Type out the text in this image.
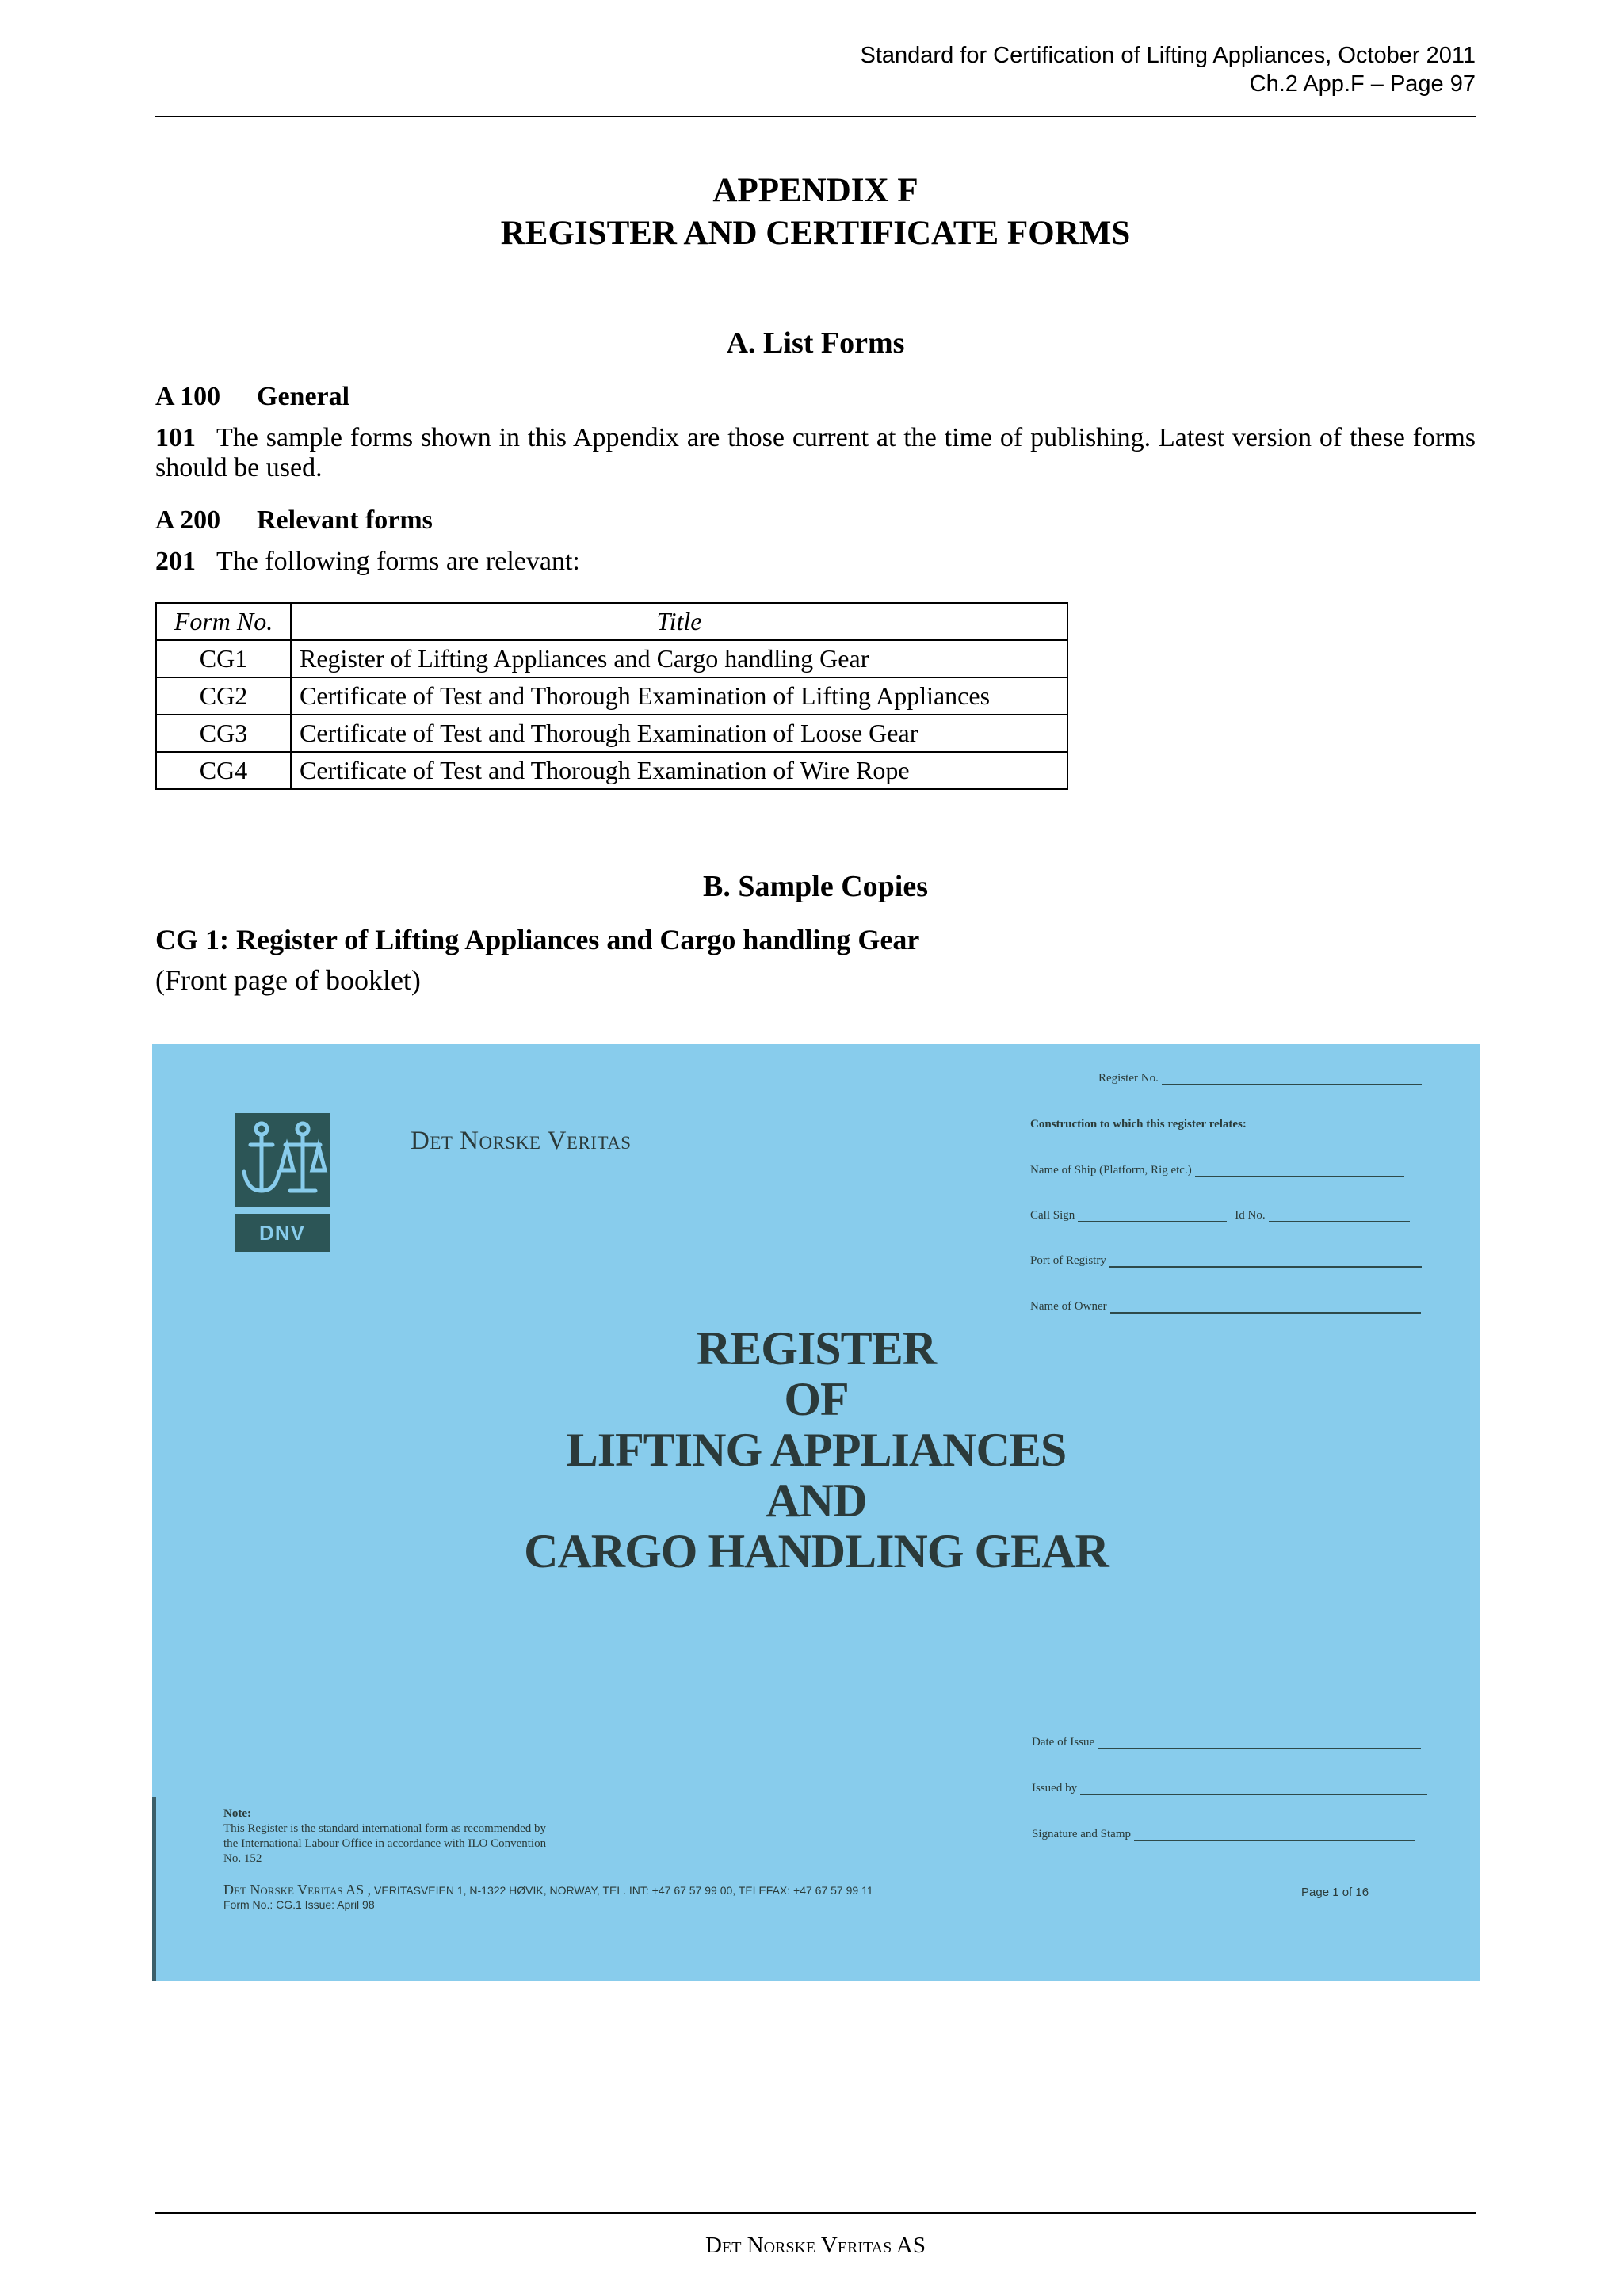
Standard for Certification of Lifting Appliances, October 2011
Ch.2 App.F – Page 97
APPENDIX F
REGISTER AND CERTIFICATE FORMS
A. List Forms
A 100 General
101 The sample forms shown in this Appendix are those current at the time of publishing. Latest version of these forms should be used.
A 200 Relevant forms
201 The following forms are relevant:
Form No.	Title
CG1	Register of Lifting Appliances and Cargo handling Gear
CG2	Certificate of Test and Thorough Examination of Lifting Appliances
CG3	Certificate of Test and Thorough Examination of Loose Gear
CG4	Certificate of Test and Thorough Examination of Wire Rope
B. Sample Copies
CG 1: Register of Lifting Appliances and Cargo handling Gear
(Front page of booklet)
DNV
Det Norske Veritas
Register No.
Construction to which this register relates:
Name of Ship (Platform, Rig etc.)
Call Sign	Id No.
Port of Registry
Name of Owner
REGISTER
OF
LIFTING APPLIANCES
AND
CARGO HANDLING GEAR
Date of Issue
Issued by
Signature and Stamp
Note:
This Register is the standard international form as recommended by
the International Labour Office in accordance with ILO Convention
No. 152
Det Norske Veritas AS , VERITASVEIEN 1, N-1322 HØVIK, NORWAY, TEL. INT: +47 67 57 99 00, TELEFAX: +47 67 57 99 11
Form No.: CG.1 Issue: April 98
Page 1 of 16
Det Norske Veritas AS
